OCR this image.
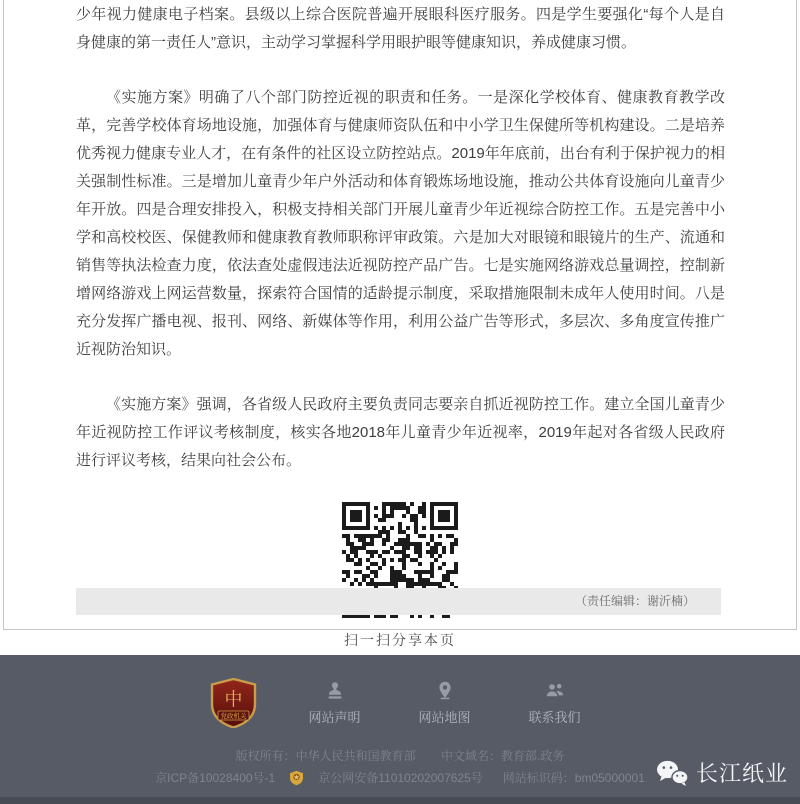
少年视力健康电子档案。县级以上综合医院普遍开展眼科医疗服务。四是学生要强化“每个人是自身健康的第一责任人”意识，主动学习掌握科学用眼护眼等健康知识，养成健康习惯。

《实施方案》明确了八个部门防控近视的职责和任务。一是深化学校体育、健康教育教学改革，完善学校体育场地设施，加强体育与健康师资队伍和中小学卫生保健所等机构建设。二是培养优秀视力健康专业人才，在有条件的社区设立防控站点。2019年年底前，出台有利于保护视力的相关强制性标准。三是增加儿童青少年户外活动和体育锻炼场地设施，推动公共体育设施向儿童青少年开放。四是合理安排投入，积极支持相关部门开展儿童青少年近视综合防控工作。五是完善中小学和高校校医、保健教师和健康教育教师职称评审政策。六是加大对眼镜和眼镜片的生产、流通和销售等执法检查力度，依法查处虚假违法近视防控产品广告。七是实施网络游戏总量调控，控制新增网络游戏上网运营数量，探索符合国情的适龄提示制度，采取措施限制未成年人使用时间。八是充分发挥广播电视、报刊、网络、新媒体等作用，利用公益广告等形式，多层次、多角度宣传推广近视防治知识。

《实施方案》强调，各省级人民政府主要负责同志要亲自抓近视防控工作。建立全国儿童青少年近视防控工作评议考核制度，核实各地2018年儿童青少年近视率，2019年起对各省级人民政府进行评议考核，结果向社会公布。

扫一扫分享本页
（责任编辑：谢沂楠）
中
党政机关	网站声明	网站地图	联系我们
版权所有：中华人民共和国教育部 中文域名：教育部.政务
京ICP备10028400号-1	京公网安备11010202007625号 网站标识码：bm05000001 长江纸业
